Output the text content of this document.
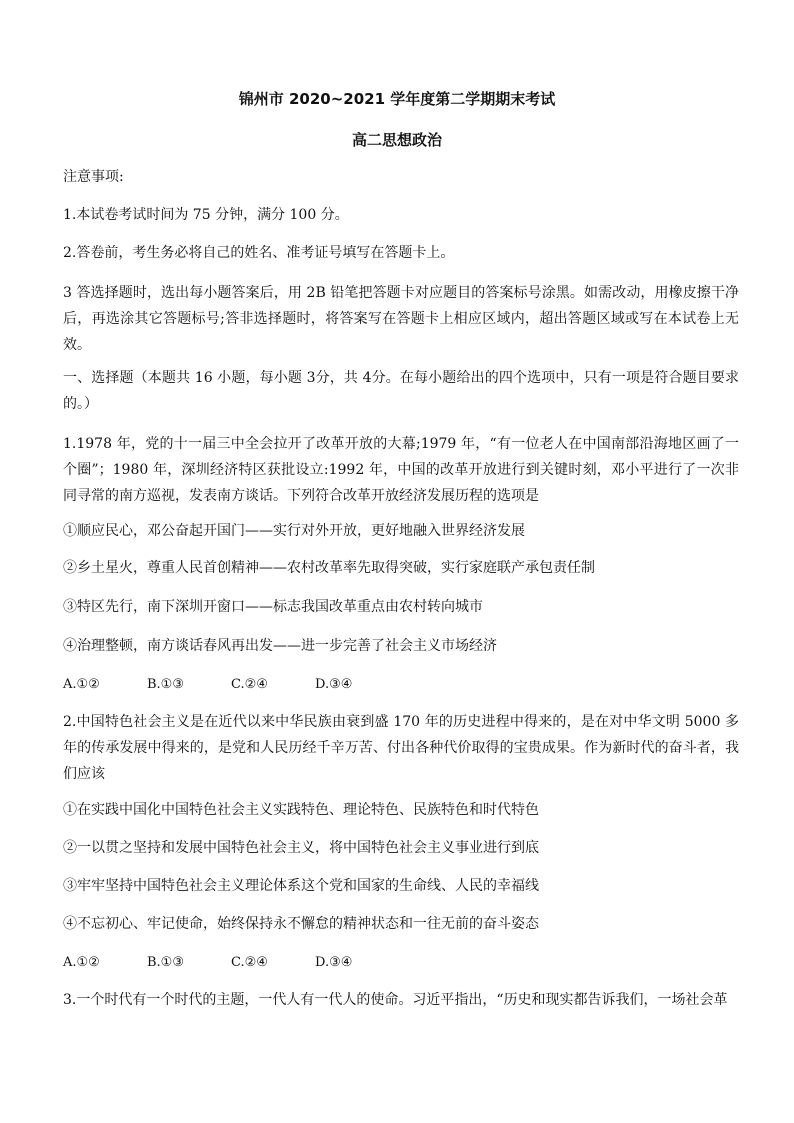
锦州市 2020~2021 学年度第二学期期末考试
高二思想政治
注意事项:
1.本试卷考试时间为 75 分钟，满分 100 分。
2.答卷前，考生务必将自己的姓名、准考证号填写在答题卡上。
3 答选择题时，选出每小题答案后，用 2B 铅笔把答题卡对应题目的答案标号涂黑。如需改动，用橡皮擦干净后，再选涂其它答题标号;答非选择题时，将答案写在答题卡上相应区域内，超出答题区域或写在本试卷上无效。
一、选择题（本题共 16 小题，每小题 3分，共 4分。在每小题给出的四个选项中，只有一项是符合题目要求的。）
1.1978 年，党的十一届三中全会拉开了改革开放的大幕;1979 年，“有一位老人在中国南部沿海地区画了一个圈”；1980 年，深圳经济特区获批设立:1992 年，中国的改革开放进行到关键时刻，邓小平进行了一次非同寻常的南方巡视，发表南方谈话。下列符合改革开放经济发展历程的选项是
①顺应民心，邓公奋起开国门——实行对外开放，更好地融入世界经济发展
②乡土星火，尊重人民首创精神——农村改革率先取得突破，实行家庭联产承包责任制
③特区先行，南下深圳开窗口——标志我国改革重点由农村转向城市
④治理整顿，南方谈话春风再出发——进一步完善了社会主义市场经济
A.①②	B.①③	C.②④	D.③④
2.中国特色社会主义是在近代以来中华民族由衰到盛 170 年的历史进程中得来的，是在对中华文明 5000 多年的传承发展中得来的，是党和人民历经千辛万苦、付出各种代价取得的宝贵成果。作为新时代的奋斗者，我们应该
①在实践中国化中国特色社会主义实践特色、理论特色、民族特色和时代特色
②一以贯之坚持和发展中国特色社会主义，将中国特色社会主义事业进行到底
③牢牢坚持中国特色社会主义理论体系这个党和国家的生命线、人民的幸福线
④不忘初心、牢记使命，始终保持永不懈怠的精神状态和一往无前的奋斗姿态
A.①②	B.①③	C.②④	D.③④
3.一个时代有一个时代的主题，一代人有一代人的使命。习近平指出，“历史和现实都告诉我们，一场社会革
